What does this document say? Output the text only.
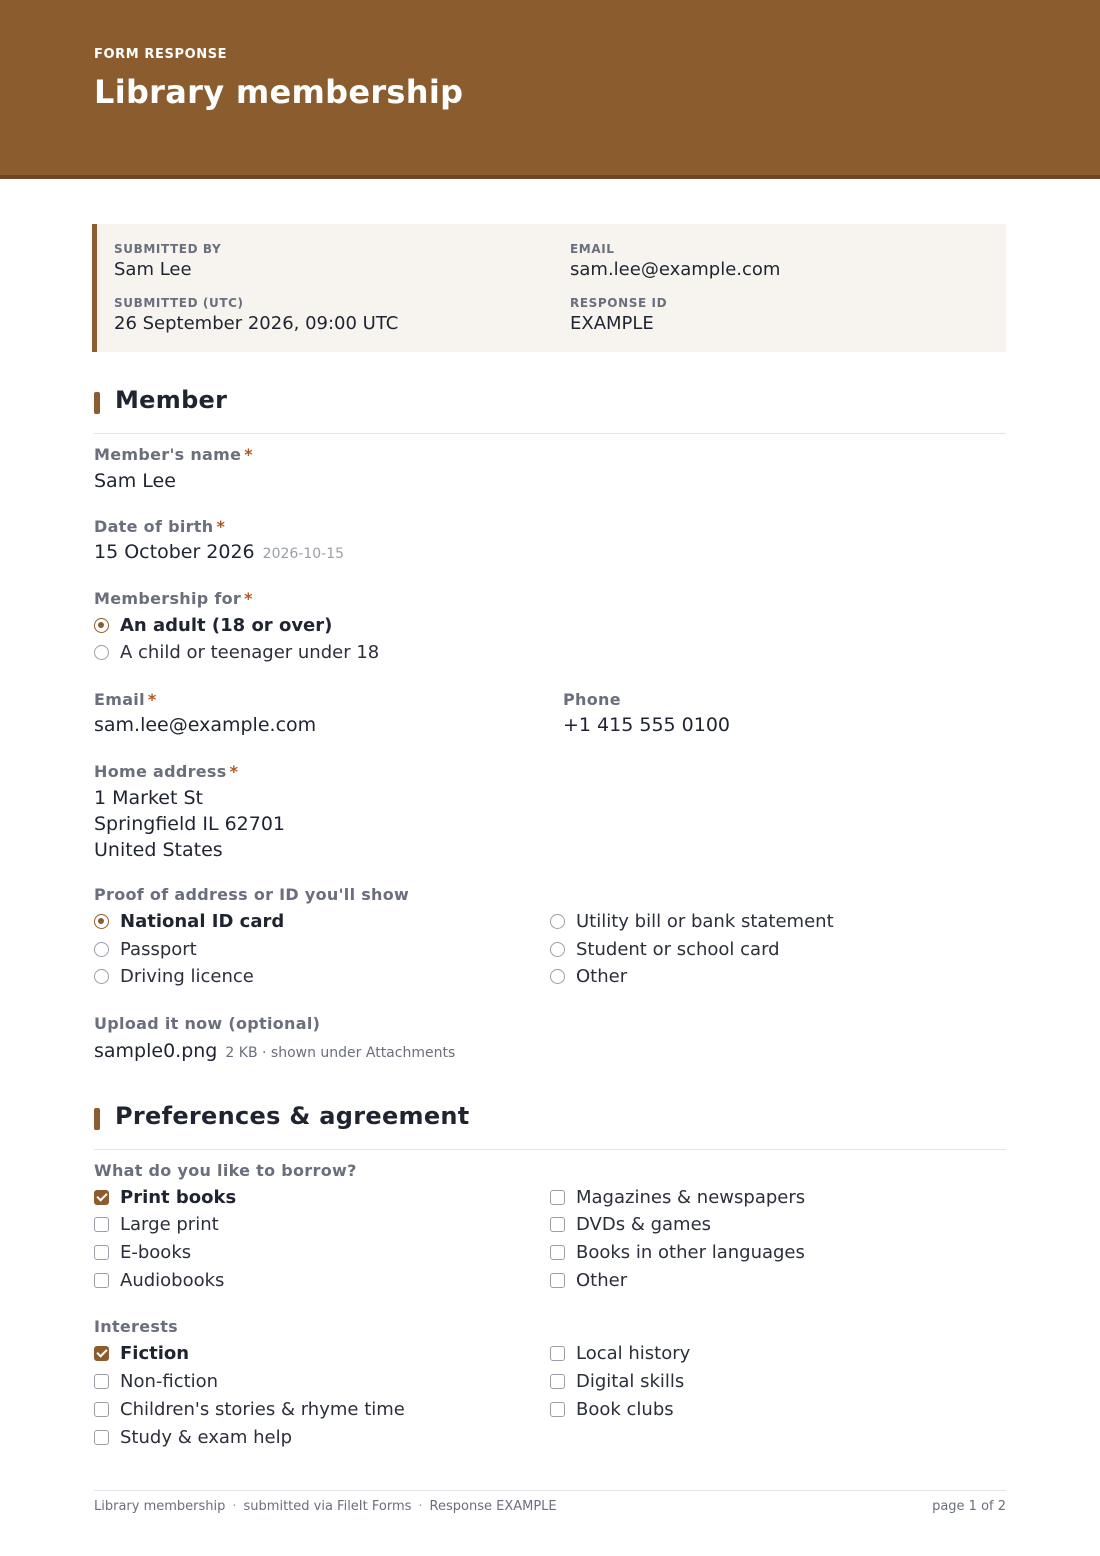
FORM RESPONSE
Library membership
SUBMITTED BY
Sam Lee
EMAIL
sam.lee@example.com
SUBMITTED (UTC)
26 September 2026, 09:00 UTC
RESPONSE ID
EXAMPLE
Member
Member's name *
Sam Lee
Date of birth *
15 October 2026 2026-10-15
Membership for *
An adult (18 or over)
A child or teenager under 18
Email *
sam.lee@example.com
Phone
+1 415 555 0100
Home address *
1 Market St
Springfield IL 62701
United States
Proof of address or ID you'll show
National ID card
Passport
Driving licence
Utility bill or bank statement
Student or school card
Other
Upload it now (optional)
sample0.png 2 KB · shown under Attachments
Preferences & agreement
What do you like to borrow?
Print books
Large print
E-books
Audiobooks
Magazines & newspapers
DVDs & games
Books in other languages
Other
Interests
Fiction
Non-fiction
Children's stories & rhyme time
Study & exam help
Local history
Digital skills
Book clubs
Library membership · submitted via FileIt Forms · Response EXAMPLE	page 1 of 2
